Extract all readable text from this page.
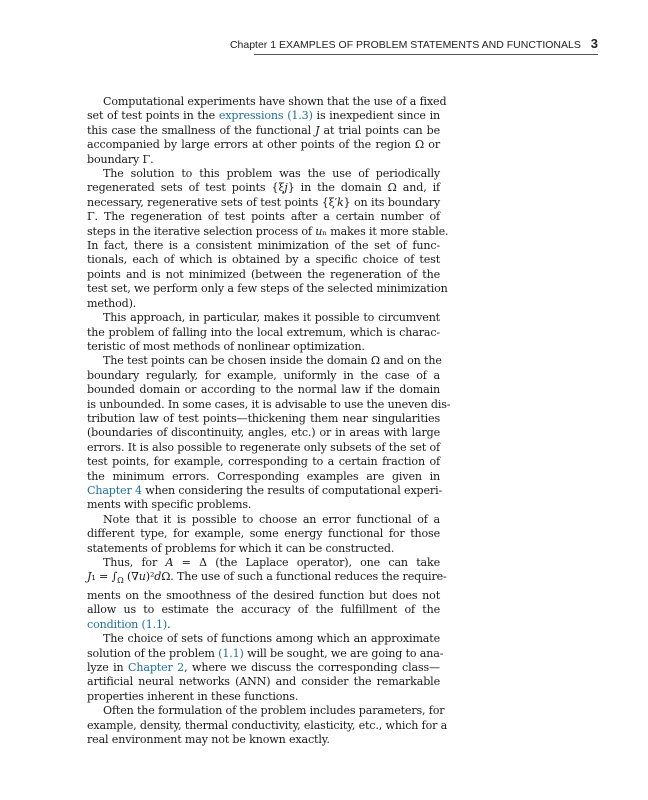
Chapter 1 EXAMPLES OF PROBLEM STATEMENTS AND FUNCTIONALS 3
Computational experiments have shown that the use of a fixed
set of test points in the expressions (1.3) is inexpedient since in
this case the smallness of the functional J at trial points can be
accompanied by large errors at other points of the region Ω or
boundary Γ.
The solution to this problem was the use of periodically
regenerated sets of test points {ξj} in the domain Ω and, if
necessary, regenerative sets of test points {ξ′k} on its boundary
Γ. The regeneration of test points after a certain number of
steps in the iterative selection process of uₙ makes it more stable.
In fact, there is a consistent minimization of the set of func-
tionals, each of which is obtained by a specific choice of test
points and is not minimized (between the regeneration of the
test set, we perform only a few steps of the selected minimization
method).
This approach, in particular, makes it possible to circumvent
the problem of falling into the local extremum, which is charac-
teristic of most methods of nonlinear optimization.
The test points can be chosen inside the domain Ω and on the
boundary regularly, for example, uniformly in the case of a
bounded domain or according to the normal law if the domain
is unbounded. In some cases, it is advisable to use the uneven dis-
tribution law of test points—thickening them near singularities
(boundaries of discontinuity, angles, etc.) or in areas with large
errors. It is also possible to regenerate only subsets of the set of
test points, for example, corresponding to a certain fraction of
the minimum errors. Corresponding examples are given in
Chapter 4 when considering the results of computational experi-
ments with specific problems.
Note that it is possible to choose an error functional of a
different type, for example, some energy functional for those
statements of problems for which it can be constructed.
Thus, for A = Δ (the Laplace operator), one can take
$J_1 = \int_\Omega$ (∇u)²dΩ. The use of such a functional reduces the require-
ments on the smoothness of the desired function but does not
allow us to estimate the accuracy of the fulfillment of the
condition (1.1).
The choice of sets of functions among which an approximate
solution of the problem (1.1) will be sought, we are going to ana-
lyze in Chapter 2, where we discuss the corresponding class—
artificial neural networks (ANN) and consider the remarkable
properties inherent in these functions.
Often the formulation of the problem includes parameters, for
example, density, thermal conductivity, elasticity, etc., which for a
real environment may not be known exactly.
